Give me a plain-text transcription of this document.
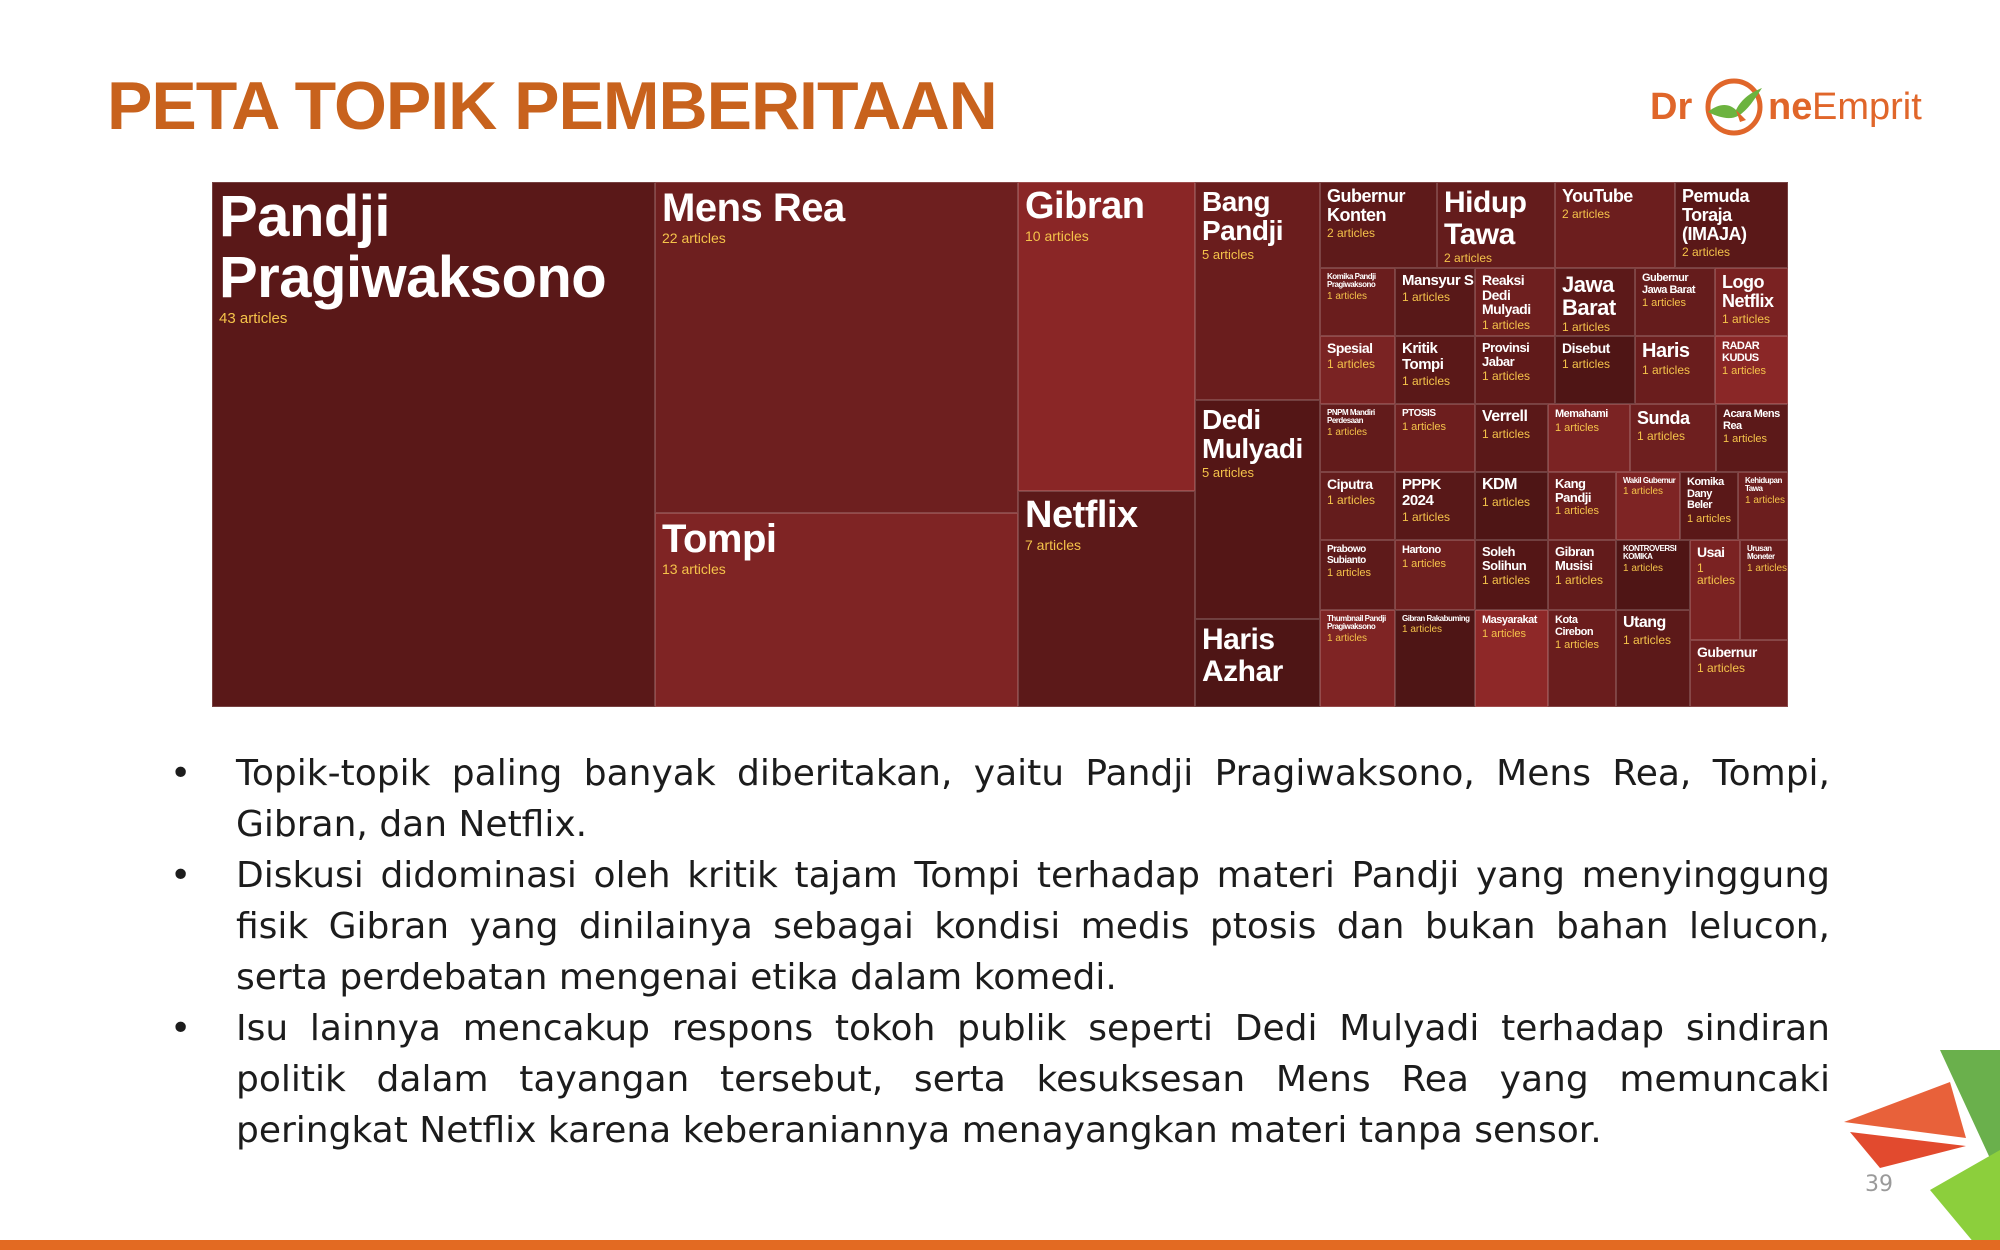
PETA TOPIK PEMBERITAAN	Dr ne Emprit
Pandji Pragiwaksono
43 articles
Mens Rea
22 articles
Tompi
13 articles
Gibran
10 articles
Netflix
7 articles
Bang Pandji
5 articles
Dedi Mulyadi
5 articles
Haris Azhar
Gubernur Konten
2 articles
Hidup Tawa
2 articles
YouTube
2 articles
Pemuda Toraja (IMAJA)
2 articles
Komika Pandji Pragiwaksono
1 articles
Mansyur S
1 articles
Reaksi Dedi Mulyadi
1 articles
Jawa Barat
1 articles
Gubernur Jawa Barat
1 articles
Logo Netflix
1 articles
Spesial
1 articles
Kritik Tompi
1 articles
Provinsi Jabar
1 articles
Disebut
1 articles
Haris
1 articles
RADAR KUDUS
1 articles
PNPM Mandiri Perdesaan
1 articles
PTOSIS
1 articles
Verrell
1 articles
Memahami
1 articles	Sunda
1 articles
Acara Mens Rea
1 articles
Ciputra
1 articles
PPPK 2024
1 articles
KDM
1 articles
Kang Pandji
1 articles
Wakil Gubernur
1 articles
Komika Dany Beler
1 articles
Kehidupan Tawa
1 articles
Prabowo Subianto
1 articles
Hartono
1 articles
Soleh Solihun
1 articles
Gibran Musisi
1 articles
KONTROVERSI KOMIKA
1 articles
Usai
1 articles
Urusan Moneter
1 articles
Thumbnail Pandji Pragiwaksono
1 articles
Gibran Rakabuming
1 articles
Masyarakat
1 articles
Kota Cirebon
1 articles
Utang
1 articles
Gubernur
1 articles
•	Topik-topik paling banyak diberitakan, yaitu Pandji Pragiwaksono, Mens Rea, Tompi, Gibran, dan Netflix.
•	Diskusi didominasi oleh kritik tajam Tompi terhadap materi Pandji yang menyinggung fisik Gibran yang dinilainya sebagai kondisi medis ptosis dan bukan bahan lelucon, serta perdebatan mengenai etika dalam komedi.
•	Isu lainnya mencakup respons tokoh publik seperti Dedi Mulyadi terhadap sindiran politik dalam tayangan tersebut, serta kesuksesan Mens Rea yang memuncaki peringkat Netflix karena keberaniannya menayangkan materi tanpa sensor.
39
